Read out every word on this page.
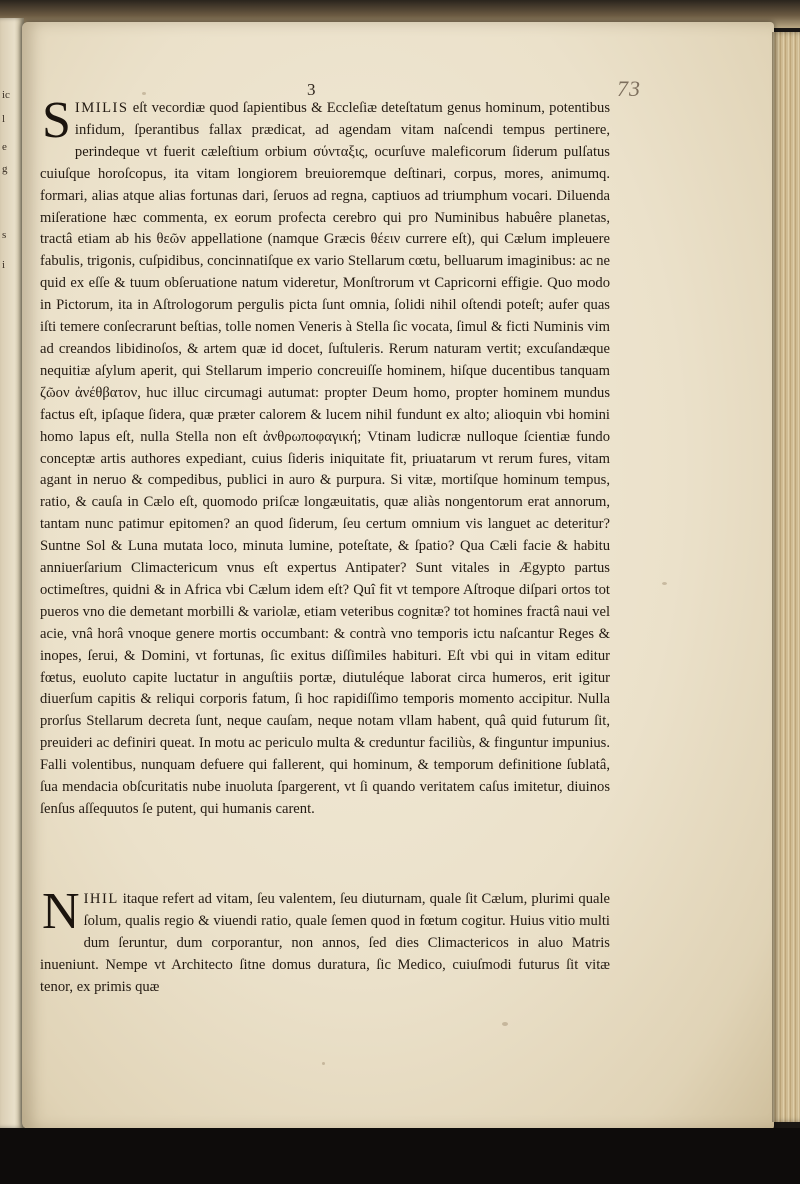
ic
l
e
g
s
i
3	73

SIMILIS eſt vecordiæ quod ſapientibus & Eccleſiæ deteſtatum genus hominum, potentibus infidum, ſperantibus fallax prædicat, ad agendam vitam naſcendi tempus pertinere, perindeque vt fuerit cæleſtium orbium σύνταξις, ocurſuve maleficorum ſiderum pulſatus cuiuſque horoſcopus, ita vitam longiorem breuioremque deſtinari, corpus, mores, animumq. formari, alias atque alias fortunas dari, ſeruos ad regna, captiuos ad triumphum vocari. Diluenda miſeratione hæc commenta, ex eorum profecta cerebro qui pro Numinibus habuêre planetas, tractâ etiam ab his θεῶν appellatione (namque Græcis θέειν currere eſt), qui Cælum impleuere fabulis, trigonis, cuſpidibus, concinnatiſque ex vario Stellarum cœtu, belluarum imaginibus: ac ne quid ex eſſe & tuum obſeruatione natum videretur, Monſtrorum vt Capricorni effigie. Quo modo in Pictorum, ita in Aſtrologorum pergulis picta ſunt omnia, ſolidi nihil oſtendi poteſt; aufer quas iſti temere conſecrarunt beſtias, tolle nomen Veneris à Stella ſic vocata, ſimul & ficti Numinis vim ad creandos libidinoſos, & artem quæ id docet, ſuſtuleris. Rerum naturam vertit; excuſandæque nequitiæ aſylum aperit, qui Stellarum imperio concreuiſſe hominem, hiſque ducentibus tanquam ζῶον ἀνέθβατον, huc illuc circumagi autumat: propter Deum homo, propter hominem mundus factus eſt, ipſaque ſidera, quæ præter calorem & lucem nihil fundunt ex alto; alioquin vbi homini homo lapus eſt, nulla Stella non eſt ἀνθρωποφαγική; Vtinam ludicræ nulloque ſcientiæ fundo conceptæ artis authores expediant, cuius ſideris iniquitate fit, priuatarum vt rerum fures, vitam agant in neruo & compedibus, publici in auro & purpura. Si vitæ, mortiſque hominum tempus, ratio, & cauſa in Cælo eſt, quomodo priſcæ longæuitatis, quæ aliàs nongentorum erat annorum, tantam nunc patimur epitomen? an quod ſiderum, ſeu certum omnium vis languet ac deteritur? Suntne Sol & Luna mutata loco, minuta lumine, poteſtate, & ſpatio? Qua Cæli facie & habitu anniuerſarium Climactericum vnus eſt expertus Antipater? Sunt vitales in Ægypto partus octimeſtres, quidni & in Africa vbi Cælum idem eſt? Quî fit vt tempore Aſtroque diſpari ortos tot pueros vno die demetant morbilli & variolæ, etiam veteribus cognitæ? tot homines fractâ naui vel acie, vnâ horâ vnoque genere mortis occumbant: & contrà vno temporis ictu naſcantur Reges & inopes, ſerui, & Domini, vt fortunas, ſic exitus diſſimiles habituri. Eſt vbi qui in vitam editur fœtus, euoluto capite luctatur in anguſtiis portæ, diutuléque laborat circa humeros, erit igitur diuerſum capitis & reliqui corporis fatum, ſi hoc rapidiſſimo temporis momento accipitur. Nulla prorſus Stellarum decreta ſunt, neque cauſam, neque notam vllam habent, quâ quid futurum ſit, preuideri ac definiri queat. In motu ac periculo multa & creduntur faciliùs, & finguntur impunius. Falli volentibus, nunquam defuere qui fallerent, qui hominum, & temporum definitione ſublatâ, ſua mendacia obſcuritatis nube inuoluta ſpargerent, vt ſi quando veritatem caſus imitetur, diuinos ſenſus aſſequutos ſe putent, qui humanis carent.

NIHIL itaque refert ad vitam, ſeu valentem, ſeu diuturnam, quale ſit Cælum, plurimi quale ſolum, qualis regio & viuendi ratio, quale ſemen quod in fœtum cogitur. Huius vitio multi dum ſeruntur, dum corporantur, non annos, ſed dies Climactericos in aluo Matris inueniunt. Nempe vt Architecto ſitne domus duratura, ſic Medico, cuiuſmodi futurus ſit vitæ tenor, ex primis quæ
